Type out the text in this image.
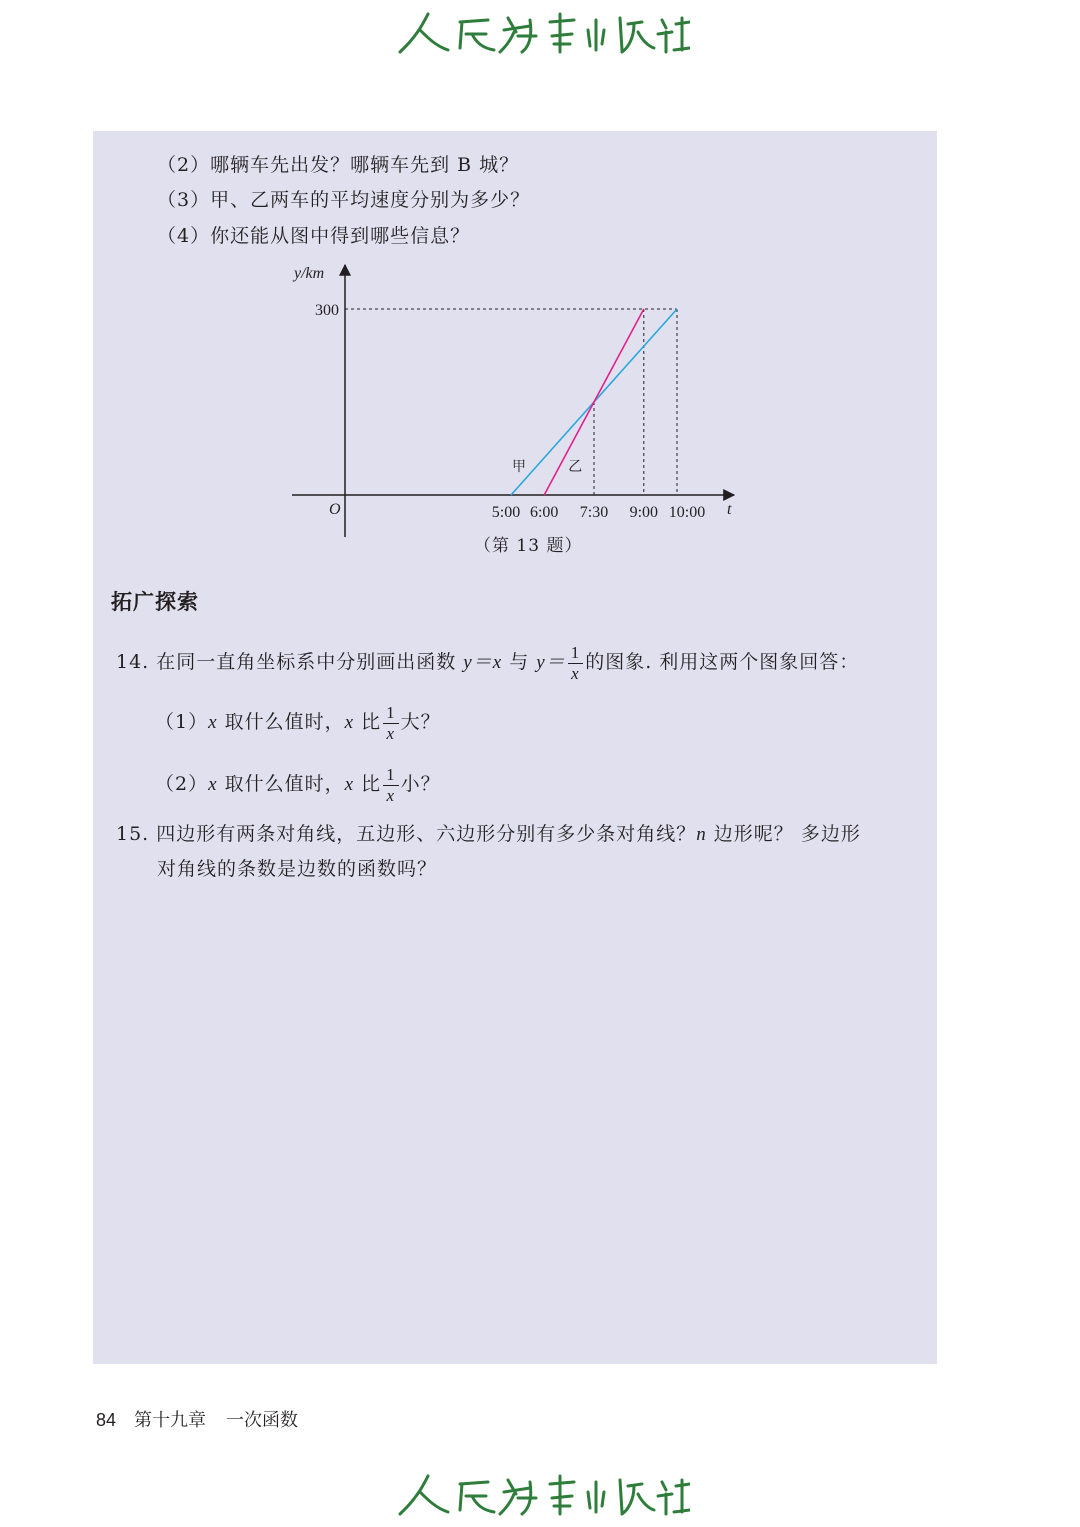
（2）哪辆车先出发？哪辆车先到 B 城？
（3）甲、乙两车的平均速度分别为多少？
（4）你还能从图中得到哪些信息？
甲	乙
5:00 6:00 7:30 9:00 10:00
300
y/km
t
O
（第 13 题）
拓广探索
14. 在同一直角坐标系中分别画出函数 y＝x 与 $y= \frac{1}{x}$ 的图象. 利用这两个图象回答：
（1）x 取什么值时，x 比 $\frac{1}{x}$ 大？
（2）x 取什么值时，x 比 $\frac{1}{x}$ 小？
15. 四边形有两条对角线，五边形、六边形分别有多少条对角线？n 边形呢？ 多边形
对角线的条数是边数的函数吗？
84 第十九章 一次函数
